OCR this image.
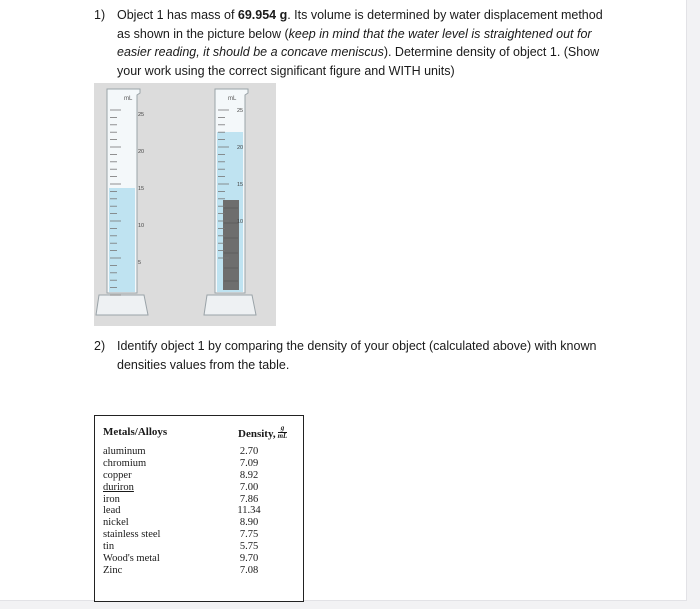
1) Object 1 has mass of 69.954 g. Its volume is determined by water displacement method as shown in the picture below (keep in mind that the water level is straightened out for easier reading, it should be a concave meniscus). Determine density of object 1. (Show your work using the correct significant figure and WITH units)
mL
25
20
15
10
5
mL
25
20
15
10
2) Identify object 1 by comparing the density of your object (calculated above) with known densities values from the table.
Metals/Alloys	Density, $\frac{g}{mL}$
aluminum
chromium
copper
duriron
iron
lead
nickel
stainless steel
tin
Wood's metal
Zinc
2.70
7.09
8.92
7.00
7.86
11.34
8.90
7.75
5.75
9.70
7.08
